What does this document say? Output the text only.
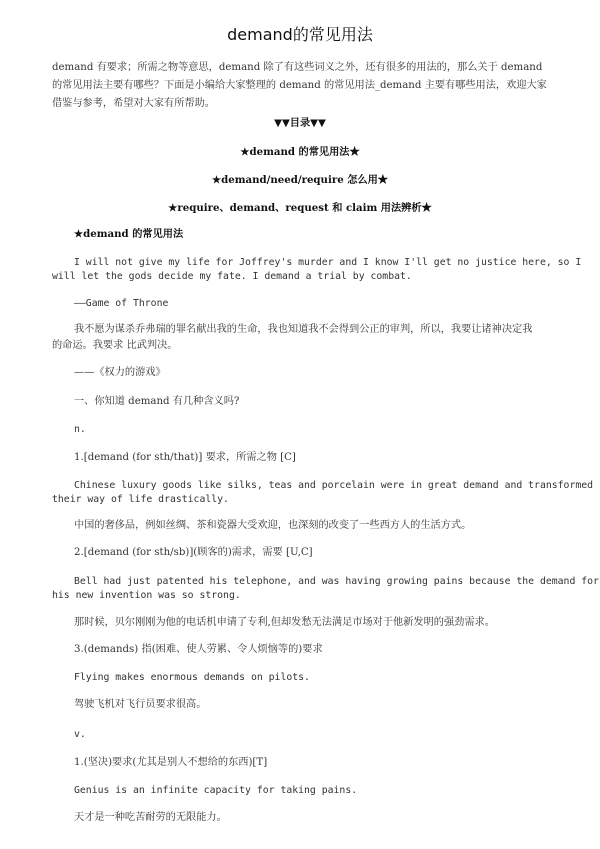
demand的常见用法
demand 有要求；所需之物等意思，demand 除了有这些词义之外，还有很多的用法的，那么关于 demand
的常见用法主要有哪些？下面是小编给大家整理的 demand 的常见用法_demand 主要有哪些用法，欢迎大家
借鉴与参考，希望对大家有所帮助。
▼▼目录▼▼
★demand 的常见用法★
★demand/need/require 怎么用★
★require、demand、request 和 claim 用法辨析★
★demand 的常见用法
I will not give my life for Joffrey's murder and I know I'll get no justice here, so I
will let the gods decide my fate. I demand a trial by combat.
——Game of Throne
我不愿为谋杀乔弗瑞的罪名献出我的生命，我也知道我不会得到公正的审判，所以，我要让诸神决定我
的命运。我要求 比武判决。
——《权力的游戏》
一、你知道 demand 有几种含义吗?
n.
1.[demand (for sth/that)] 要求，所需之物 [C]
Chinese luxury goods like silks, teas and porcelain were in great demand and transformed
their way of life drastically.
中国的奢侈品，例如丝绸、茶和瓷器大受欢迎，也深刻的改变了一些西方人的生活方式。
2.[demand (for sth/sb)](顾客的)需求，需要 [U,C]
Bell had just patented his telephone, and was having growing pains because the demand for
his new invention was so strong.
那时候，贝尔刚刚为他的电话机申请了专利,但却发愁无法满足市场对于他新发明的强劲需求。
3.(demands) 指(困难、使人劳累、令人烦恼等的)要求
Flying makes enormous demands on pilots.
驾驶飞机对飞行员要求很高。
v.
1.(坚决)要求(尤其是别人不想给的东西)[T]
Genius is an infinite capacity for taking pains.
天才是一种吃苦耐劳的无限能力。
